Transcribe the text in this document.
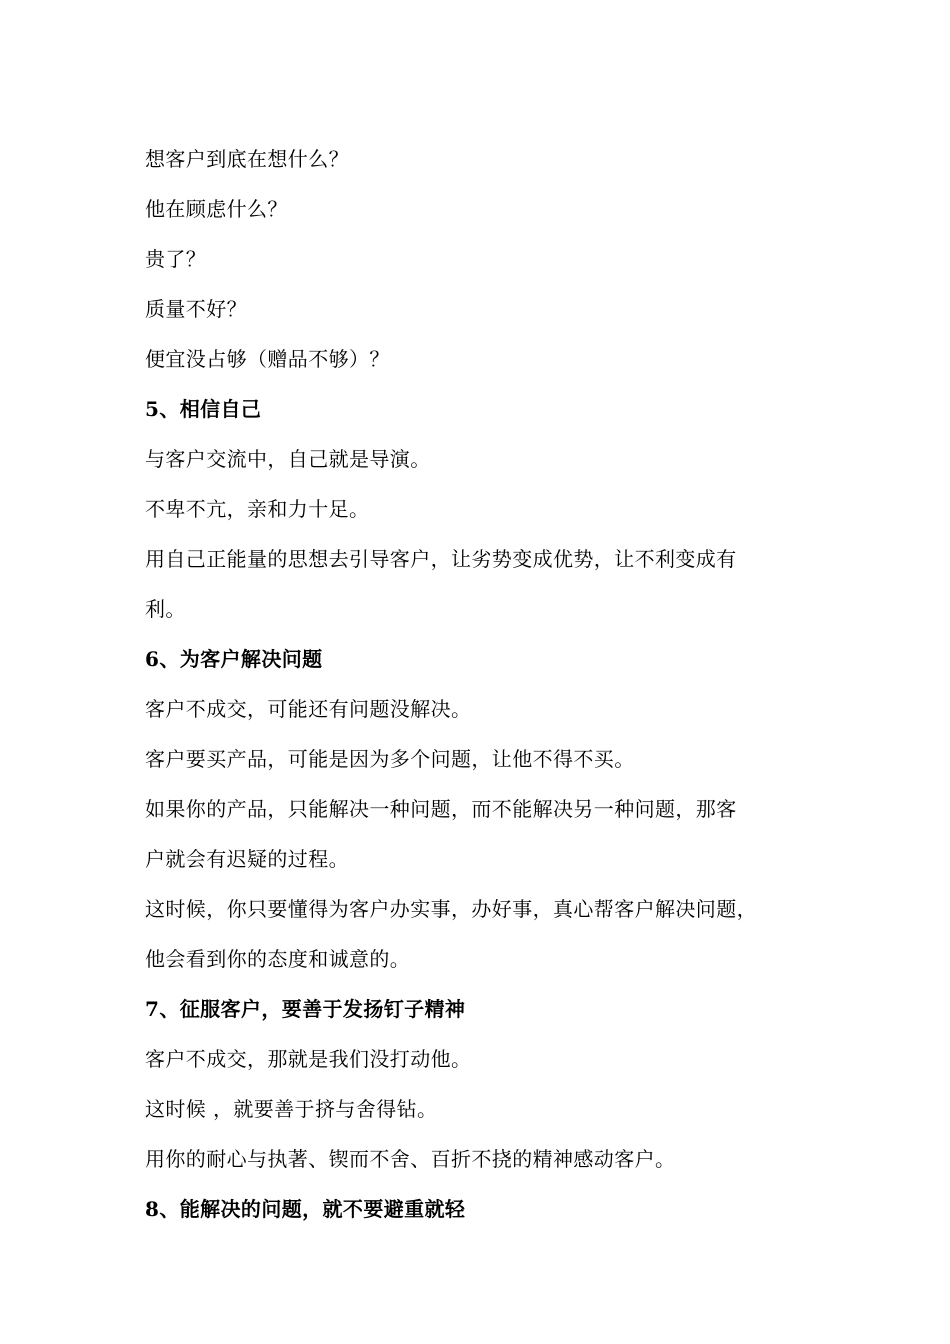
想客户到底在想什么？
他在顾虑什么？
贵了？
质量不好？
便宜没占够（赠品不够）？
5、相信自己
与客户交流中，自己就是导演。
不卑不亢，亲和力十足。
用自己正能量的思想去引导客户，让劣势变成优势，让不利变成有
利。
6、为客户解决问题
客户不成交，可能还有问题没解决。
客户要买产品，可能是因为多个问题，让他不得不买。
如果你的产品，只能解决一种问题，而不能解决另一种问题，那客
户就会有迟疑的过程。
这时候，你只要懂得为客户办实事，办好事，真心帮客户解决问题，
他会看到你的态度和诚意的。
7、征服客户，要善于发扬钉子精神
客户不成交，那就是我们没打动他。
这时候 ，就要善于挤与舍得钻。
用你的耐心与执著、锲而不舍、百折不挠的精神感动客户。
8、能解决的问题，就不要避重就轻
